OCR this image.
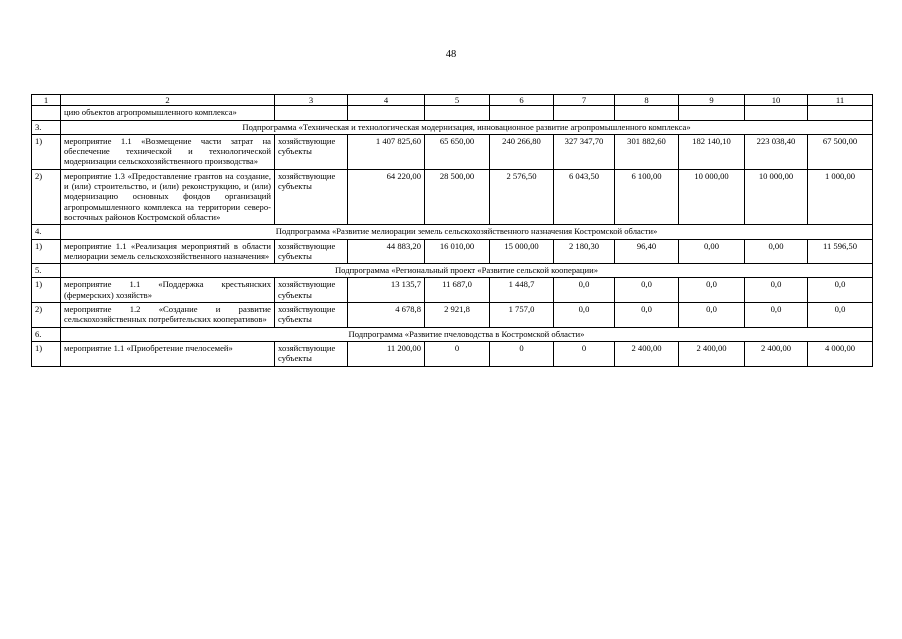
48
1	2	3	4	5	6	7	8	9	10	11
	цию объектов агропромышленного комплекса»									
3.	Подпрограмма «Техническая и технологическая модернизация, инновационное развитие агропромышленного комплекса»									
1)	мероприятие 1.1 «Возмещение части затрат на обеспечение технической и технологической модернизации сельскохозяйственного производства»	хозяйствующие субъекты	1 407 825,60	65 650,00	240 266,80	327 347,70	301 882,60	182 140,10	223 038,40	67 500,00
2)	мероприятие 1.3 «Предоставление грантов на создание, и (или) строительство, и (или) реконструкцию, и (или) модернизацию основных фондов организаций агропромышленного комплекса на территории северо-восточных районов Костромской области»	хозяйствующие субъекты	64 220,00	28 500,00	2 576,50	6 043,50	6 100,00	10 000,00	10 000,00	1 000,00
4.	Подпрограмма «Развитие мелиорации земель сельскохозяйственного назначения Костромской области»									
1)	мероприятие 1.1 «Реализация мероприятий в области мелиорации земель сельскохозяйственного назначения»	хозяйствующие субъекты	44 883,20	16 010,00	15 000,00	2 180,30	96,40	0,00	0,00	11 596,50
5.	Подпрограмма «Региональный проект «Развитие сельской кооперации»									
1)	мероприятие 1.1 «Поддержка крестьянских (фермерских) хозяйств»	хозяйствующие субъекты	13 135,7	11 687,0	1 448,7	0,0	0,0	0,0	0,0	0,0
2)	мероприятие 1.2 «Создание и развитие сельскохозяйственных потребительских кооперативов»	хозяйствующие субъекты	4 678,8	2 921,8	1 757,0	0,0	0,0	0,0	0,0	0,0
6.	Подпрограмма «Развитие пчеловодства в Костромской области»									
1)	мероприятие 1.1 «Приобретение пчелосемей»	хозяйствующие субъекты	11 200,00	0	0	0	2 400,00	2 400,00	2 400,00	4 000,00
